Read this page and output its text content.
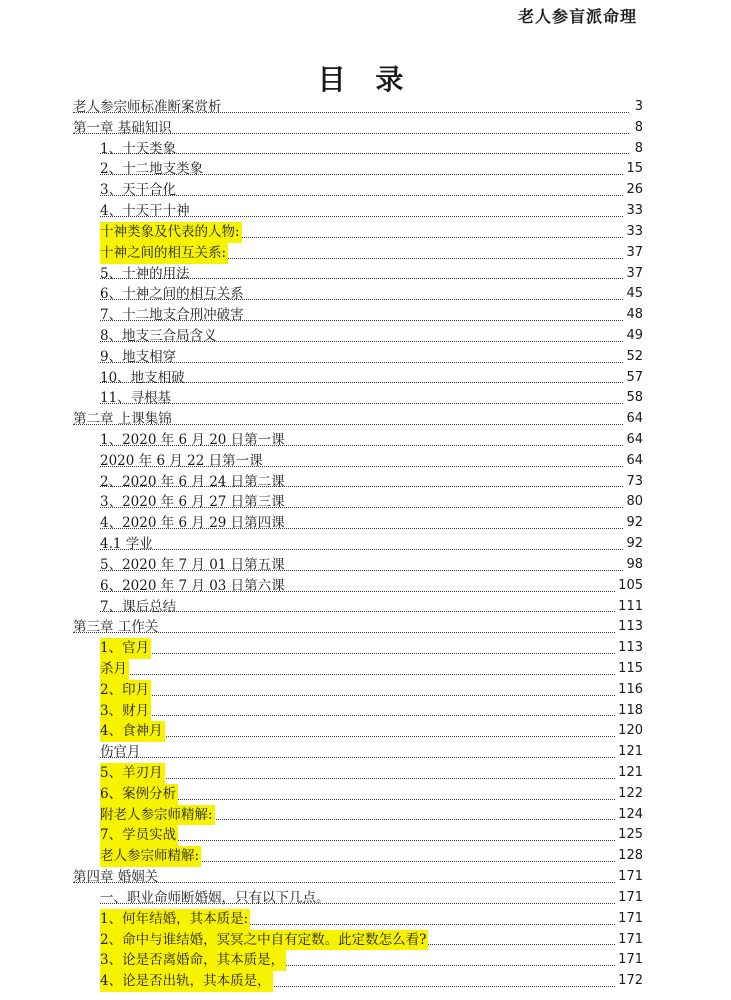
老人参盲派命理
目 录
老人参宗师标准断案赏析	3
第一章 基础知识	8
1、十天类象	8
2、十二地支类象	15
3、天干合化	26
4、十天干十神	33
十神类象及代表的人物:	33
十神之间的相互关系:	37
5、十神的用法	37
6、十神之间的相互关系	45
7、十二地支合刑冲破害	48
8、地支三合局含义	49
9、地支相穿	52
10、地支相破	57
11、寻根基	58
第二章 上课集锦	64
1、2020 年 6 月 20 日第一课	64
2020 年 6 月 22 日第一课	64
2、2020 年 6 月 24 日第二课	73
3、2020 年 6 月 27 日第三课	80
4、2020 年 6 月 29 日第四课	92
4.1 学业	92
5、2020 年 7 月 01 日第五课	98
6、2020 年 7 月 03 日第六课	105
7、课后总结	111
第三章 工作关	113
1、官月	113
杀月	115
2、印月	116
3、财月	118
4、食神月	120
伤官月	121
5、羊刃月	121
6、案例分析	122
附老人参宗师精解:	124
7、学员实战	125
老人参宗师精解:	128
第四章 婚姻关	171
一、职业命师断婚姻，只有以下几点。	171
1、何年结婚，其本质是:	171
2、命中与谁结婚，冥冥之中自有定数。此定数怎么看?	171
3、论是否离婚命，其本质是，	171
4、论是否出轨，其本质是，	172
